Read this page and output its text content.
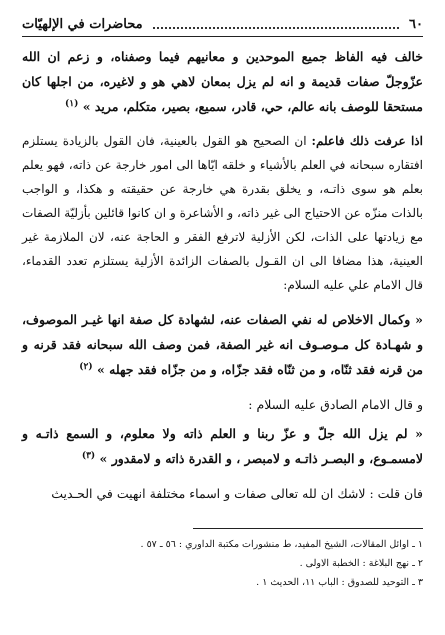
٦٠
محاضرات في الإلهيّات

خالف فيه الفاظ جميع الموحدين و معانيهم فيما وصفناه، و زعم ان الله عزّوجلّ صفات قديمة و انه لم يزل بمعان لاهي هو و لاغيره، من اجلها كان مستحقا للوصف بانه عالم، حي، قادر، سميع، بصير، متكلم، مريد » $^{(١)}$

اذا عرفت ذلك فاعلم: ان الصحيح هو القول بالعينية، فان القول بالزيادة يستلزم افتقاره سبحانه في العلم بالأشياء و خلقه ايّاها الى امور خارجة عن ذاته، فهو يعلم بعلم هو سوى ذاتـه، و يخلق بقدرة هي خارجة عن حقيقته و هكذا، و الواجب بالذات منزّه عن الاحتياج الى غير ذاته، و الأشاعرة و ان كانوا قائلين بأزليّة الصفات مع زيادتها على الذات، لكن الأزلية لاترفع الفقر و الحاجة عنه، لان الملازمة غير العينية، هذا مضافا الى ان القـول بالصفات الزائدة الأزلية يستلزم تعدد القدماء، قال الامام علي عليه السلام:

« وكمال الاخلاص له نفي الصفات عنه، لشهادة كل صفة انها غيـر الموصوف، و شهـادة كل مـوصـوف انه غير الصفة، فمن وصف الله سبحانه فقد قرنه و من قرنه فقد ثنّاه، و من ثنّاه فقد جزّاه، و من جزّاه فقد جهله » $^{(٢)}$

و قال الامام الصادق عليه السلام :

« لم يزل الله جلّ و عزّ ربنا و العلم ذاته ولا معلوم، و السمع ذاتـه و لامسمـوع، و البصـر ذاتـه و لامبصر ، و القدرة ذاته و لامقدور » $^{(٣)}$

فان قلت : لاشك ان لله تعالى صفات و اسماء مختلفة انهيت في الحـديث

١ ـ اوائل المقالات، الشيخ المفيد، ط منشورات مكتبة الداوري : ٥٦ ـ ٥٧ .
٢ ـ نهج البلاغة : الخطبة الاولى .
٣ ـ التوحيد للصدوق : الباب ١١، الحديث ١ .
